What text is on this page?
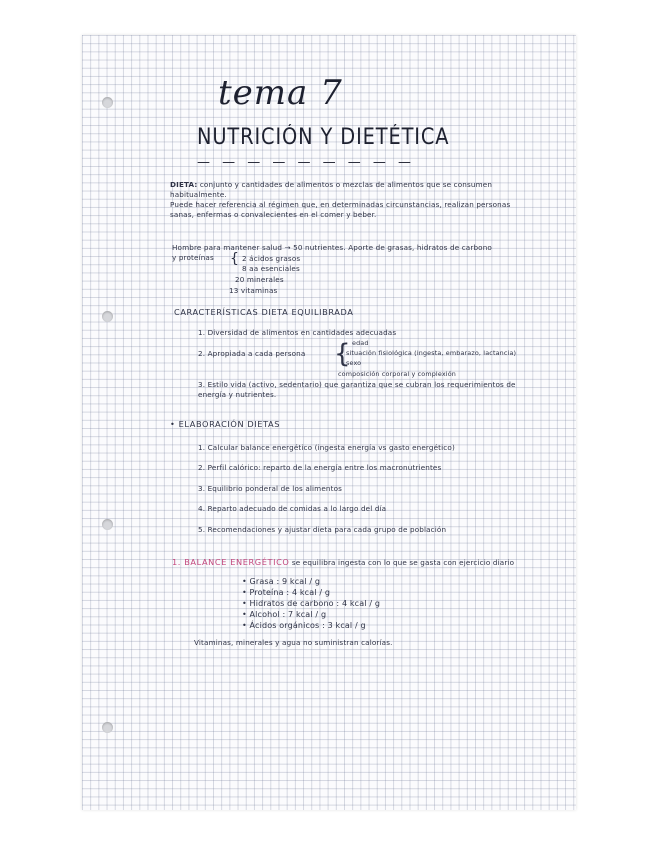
tema 7
NUTRICIÓN Y DIETÉTICA
— — — — — — — — —
DIETA: conjunto y cantidades de alimentos o mezclas de alimentos que se consumen
habitualmente.
Puede hacer referencia al régimen que, en determinadas circunstancias, realizan personas
sanas, enfermas o convalecientes en el comer y beber.
Hombre para mantener salud → 50 nutrientes. Aporte de grasas, hidratos de carbono
y proteínas { 2 ácidos grasos
8 aa esenciales
20 minerales
13 vitaminas
CARACTERÍSTICAS DIETA EQUILIBRADA
1. Diversidad de alimentos en cantidades adecuadas
2. Apropiada a cada persona { edad
situación fisiológica (ingesta, embarazo, lactancia)
sexo
composición corporal y complexión
3. Estilo vida (activo, sedentario) que garantiza que se cubran los requerimientos de
energía y nutrientes.
• ELABORACIÓN DIETAS
1. Calcular balance energético (ingesta energía vs gasto energético)
2. Perfil calórico: reparto de la energía entre los macronutrientes
3. Equilibrio ponderal de los alimentos
4. Reparto adecuado de comidas a lo largo del día
5. Recomendaciones y ajustar dieta para cada grupo de población
1. BALANCE ENERGÉTICO se equilibra ingesta con lo que se gasta con ejercicio diario
• Grasa : 9 kcal / g
• Proteína : 4 kcal / g
• Hidratos de carbono : 4 kcal / g
• Alcohol : 7 kcal / g
• Ácidos orgánicos : 3 kcal / g
Vitaminas, minerales y agua no suministran calorías.
